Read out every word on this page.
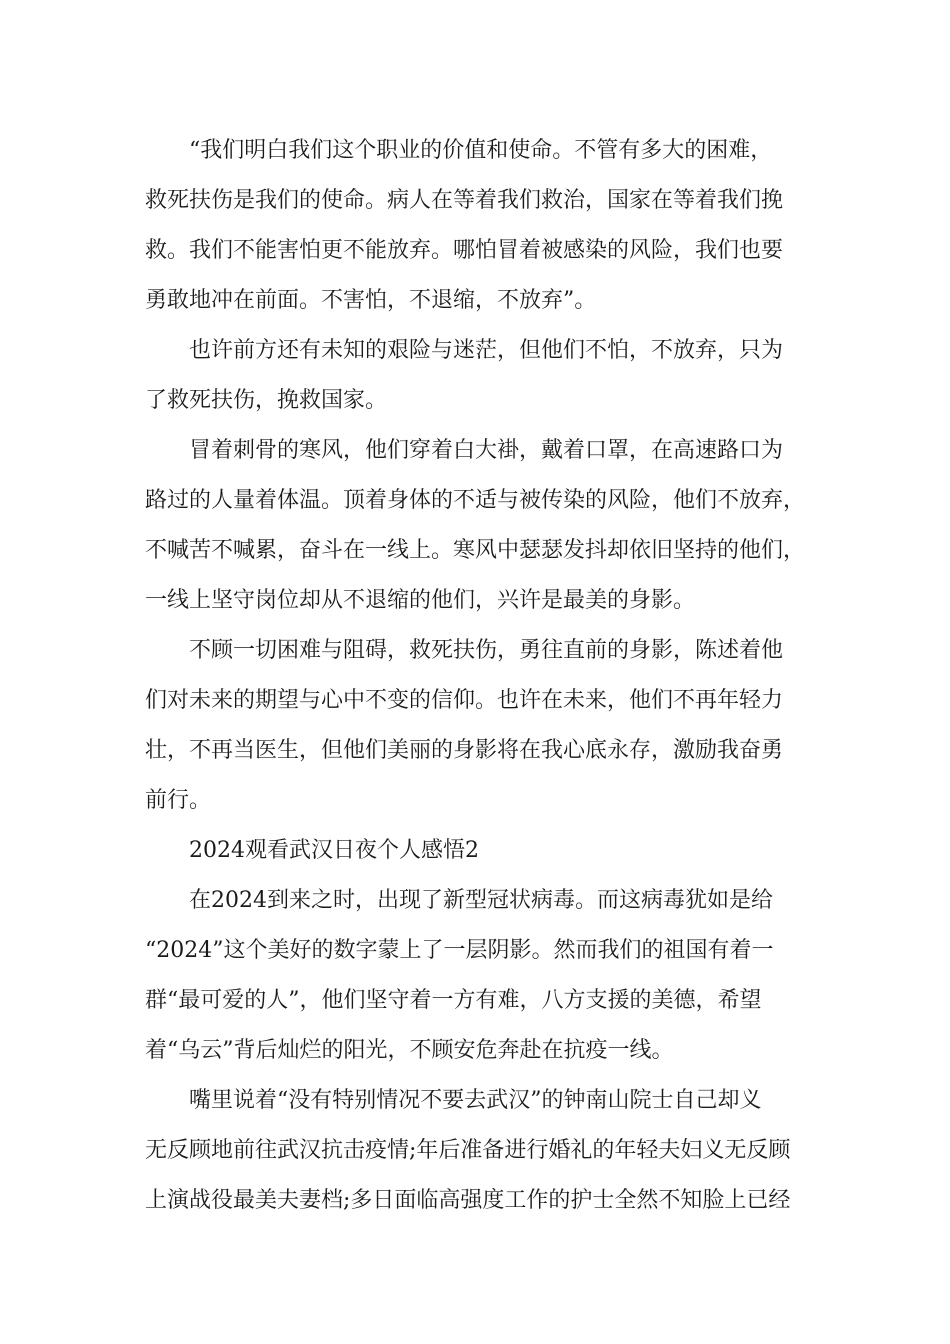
　　“我们明白我们这个职业的价值和使命。不管有多大的困难，
救死扶伤是我们的使命。病人在等着我们救治，国家在等着我们挽
救。我们不能害怕更不能放弃。哪怕冒着被感染的风险，我们也要
勇敢地冲在前面。不害怕，不退缩，不放弃”。
　　也许前方还有未知的艰险与迷茫，但他们不怕，不放弃，只为
了救死扶伤，挽救国家。
　　冒着刺骨的寒风，他们穿着白大褂，戴着口罩，在高速路口为
路过的人量着体温。顶着身体的不适与被传染的风险，他们不放弃，
不喊苦不喊累，奋斗在一线上。寒风中瑟瑟发抖却依旧坚持的他们，
一线上坚守岗位却从不退缩的他们，兴许是最美的身影。
　　不顾一切困难与阻碍，救死扶伤，勇往直前的身影，陈述着他
们对未来的期望与心中不变的信仰。也许在未来，他们不再年轻力
壮，不再当医生，但他们美丽的身影将在我心底永存，激励我奋勇
前行。
　　2024观看武汉日夜个人感悟2
　　在2024到来之时，出现了新型冠状病毒。而这病毒犹如是给
“2024”这个美好的数字蒙上了一层阴影。然而我们的祖国有着一
群“最可爱的人”，他们坚守着一方有难，八方支援的美德，希望
着“乌云”背后灿烂的阳光，不顾安危奔赴在抗疫一线。
　　嘴里说着“没有特别情况不要去武汉”的钟南山院士自己却义
无反顾地前往武汉抗击疫情;年后准备进行婚礼的年轻夫妇义无反顾
上演战役最美夫妻档;多日面临高强度工作的护士全然不知脸上已经
